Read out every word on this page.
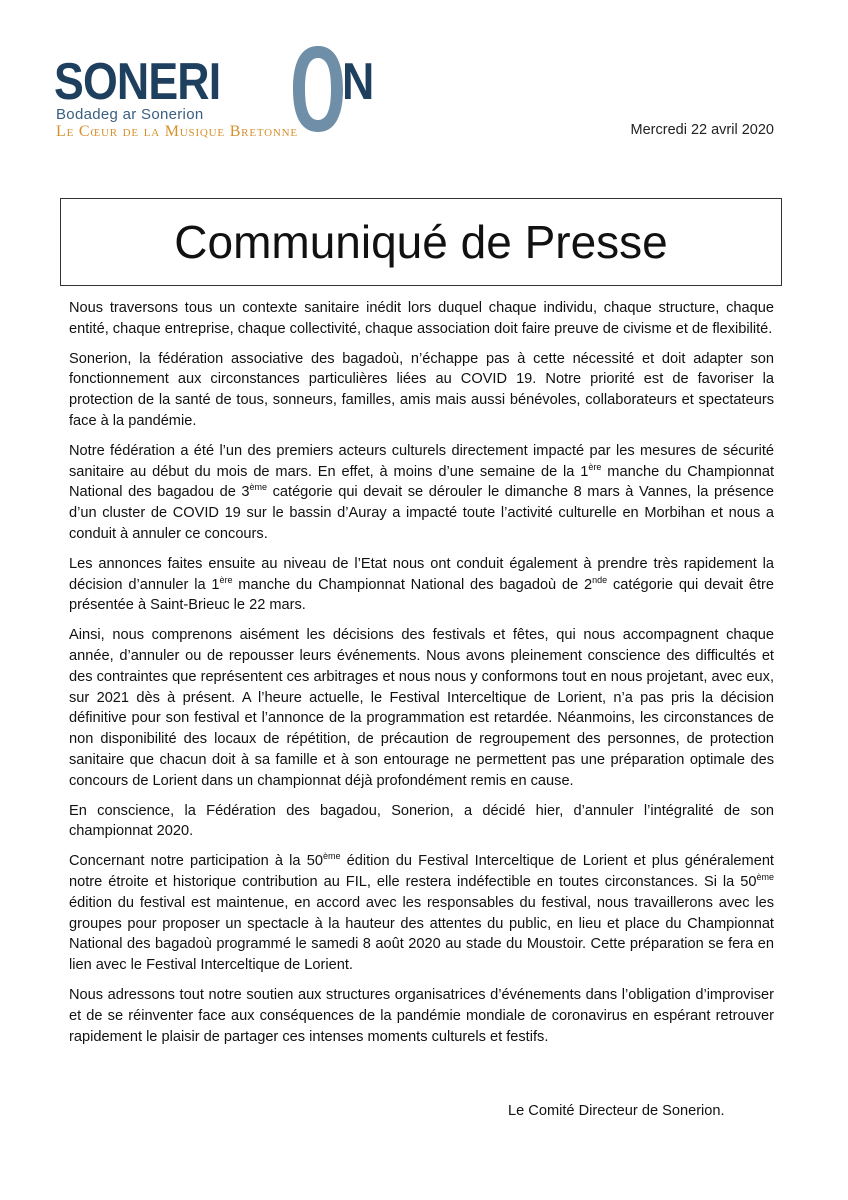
SONERI N
Bodadeg ar Sonerion
Le Cœur de la Musique Bretonne	Mercredi 22 avril 2020
Communiqué de Presse

Nous traversons tous un contexte sanitaire inédit lors duquel chaque individu, chaque structure, chaque entité, chaque entreprise, chaque collectivité, chaque association doit faire preuve de civisme et de flexibilité.

Sonerion, la fédération associative des bagadoù, n’échappe pas à cette nécessité et doit adapter son fonctionnement aux circonstances particulières liées au COVID 19. Notre priorité est de favoriser la protection de la santé de tous, sonneurs, familles, amis mais aussi bénévoles, collaborateurs et spectateurs face à la pandémie.

Notre fédération a été l’un des premiers acteurs culturels directement impacté par les mesures de sécurité sanitaire au début du mois de mars. En effet, à moins d’une semaine de la 1ère manche du Championnat National des bagadou de 3ème catégorie qui devait se dérouler le dimanche 8 mars à Vannes, la présence d’un cluster de COVID 19 sur le bassin d’Auray a impacté toute l’activité culturelle en Morbihan et nous a conduit à annuler ce concours.

Les annonces faites ensuite au niveau de l’Etat nous ont conduit également à prendre très rapidement la décision d’annuler la 1ère manche du Championnat National des bagadoù de 2nde catégorie qui devait être présentée à Saint-Brieuc le 22 mars.

Ainsi, nous comprenons aisément les décisions des festivals et fêtes, qui nous accompagnent chaque année, d’annuler ou de repousser leurs événements. Nous avons pleinement conscience des difficultés et des contraintes que représentent ces arbitrages et nous nous y conformons tout en nous projetant, avec eux, sur 2021 dès à présent. A l’heure actuelle, le Festival Interceltique de Lorient, n’a pas pris la décision définitive pour son festival et l’annonce de la programmation est retardée. Néanmoins, les circonstances de non disponibilité des locaux de répétition, de précaution de regroupement des personnes, de protection sanitaire que chacun doit à sa famille et à son entourage ne permettent pas une préparation optimale des concours de Lorient dans un championnat déjà profondément remis en cause.

En conscience, la Fédération des bagadou, Sonerion, a décidé hier, d’annuler l’intégralité de son championnat 2020.

Concernant notre participation à la 50ème édition du Festival Interceltique de Lorient et plus généralement notre étroite et historique contribution au FIL, elle restera indéfectible en toutes circonstances. Si la 50ème édition du festival est maintenue, en accord avec les responsables du festival, nous travaillerons avec les groupes pour proposer un spectacle à la hauteur des attentes du public, en lieu et place du Championnat National des bagadoù programmé le samedi 8 août 2020 au stade du Moustoir. Cette préparation se fera en lien avec le Festival Interceltique de Lorient.

Nous adressons tout notre soutien aux structures organisatrices d’événements dans l’obligation d’improviser et de se réinventer face aux conséquences de la pandémie mondiale de coronavirus en espérant retrouver rapidement le plaisir de partager ces intenses moments culturels et festifs.

Le Comité Directeur de Sonerion.
